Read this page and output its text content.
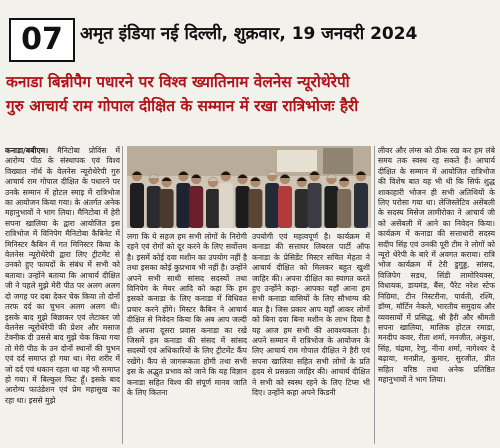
07	अमृत इंडिया नई दिल्ली, शुक्रवार, 19 जनवरी 2024
कनाडा बिन्नीपैग पधारने पर विश्व ख्यातिनाम वेलनेस न्यूरोथेरेपी
गुरु आचार्य राम गोपाल दीक्षित के सम्मान में रखा रात्रिभोजः हैरी

कनाडा/बबीएम। मैनिटोबा प्रोविंस में आरोग्य पीठ के संस्थापक एवं विश्व विख्यात नॉर्थ के वेलनेस न्यूरोथेरेपी गुरु आचार्य राम गोपाल दीक्षित के पधारने पर उनके सम्मान में होटल स्माइ में रात्रिभोज का आयोजन किया गया। के अंतर्गत अनेक महानुभावों ने भाग लिया। मैनिटोबा में हेरी सपना खालिया के द्वारा आयोजित इस रात्रिभोज में विनिपेग मैनिटोबा कैबिनेट में मिनिस्टर कैबिन में गत मिनिस्टर किया के वेलनेस न्यूरोथेरेपी द्वारा लिए ट्रीटमेंट से उनको हुए फायदों के संबंध में सभी को बताया। उन्होंने बताया कि आचार्य दीक्षित जी ने पहले मुझे मेरी पीठ पर अलग अलग दो जगह पर दबा देकर चेक किया तो दोनों तरफ दर्द का चुभन अलग अलग थी। इसके बाद मुझे बिछाकर एवं लेटाकर जो वेलनेस न्यूरोथेरेपी की प्रेशर और मसाज टेक्नीक दी उससे बाद मुझे चेक किया गया तो मेरी पीठ के उन दोनों स्थानों की चुभन एवं दर्द समाप्त हो गया था। मेरा शरीर में जो दर्द एवं थकान रहता था वह भी समाप्त हो गया। में बिल्कुल फिट हूँ। इसके बाद आरोग्य फाउंडेशन एवं प्रेम महासुख का रहा था। इससे मुझे

लगा कि ये सहज हम सभी लोगों के निरोगी रहने एवं रोगों को दूर करने के लिए सर्वोत्तम है। इसमें कोई दवा मशीन का उपयोग नहीं है तथा इसका कोई कुप्रभाव भी नहीं है। उन्होंने अपने सभी साथी सांसद सदस्यों तथा विनिपेग के मेयर आदि को कहा कि हम इसको कनाडा के लिए कनाडा में विधिवत प्रचार करने होंगे। मिस्टर कैबिन ने आचार्य दीक्षित से निवेदन किया कि अब आप जल्दी ही अपना दूसरा प्रवास कनाडा का रखे जिसमें हम कनाडा की संसद में सांसद सदस्यों एवं अधिकारियों के लिए ट्रीटमेंट कैंप रखेंगे। कैंप से जागरूकता होगी तथा सभी इस के अद्भुत प्रभाव को जाने कि यह विज्ञान कनाडा सहित विश्व की संपूर्ण मानव जाति के लिए कितना

उपयोगी एवं महत्वपूर्ण है। कार्यक्रम में कनाडा की सत्ताघर लिबरल पार्टी ऑफ कनाडा के प्रेसिडेंट मिस्टर सचित मेहता ने आचार्य दीक्षित को मिलकर बहुत खुशी जाहिर की। अपना दीक्षित का स्वागत करते हुए उन्होंने कहा- आपका यहाँ आना हम सभी कनाडा वासियों के लिए सौभाग्य की बात है। जिस प्रकार आप यहाँ आकर लोगों को बिना दवा बिना मशीन के लाभ दिया है यह आज हम सभी की आवश्यकता है। अपने सम्मान में रात्रिभोज के आयोजन के लिए आचार्य राम गोपाल दीक्षित ने हैरी एवं सपना खालिया सहित सभी लोगों के प्रति हृदय से प्रसन्नता जाहिर की। आचार्य दीक्षित ने सभी को स्वस्थ रहने के लिए टिप्स भी दिए। उन्होंने कहा अपने किडनी

लीवर और लंग्स को ठीक रख कर हम लंबे समय तक स्वस्थ रह सकते हैं। आचार्य दीक्षित के सम्मान में आयोजित रात्रिभोज की विशेष बात यह भी थी कि सिर्फ शुद्ध शाकाहारी भोजन ही सभी अतिथियों के लिए परोसा गया था। लेजिस्लेटिव असेंबली के सदस्य मिसेज लामीरोका ने आचार्य जी को असेंबली में आने का निवेदन किया। कार्यक्रम में कनाडा की सत्ताधारी सदस्य सदीप सिंह एवं उनकी पूरी टीम ने लोगों को न्यूरो थेरेपी के बारे में अवगत कराया। रात्रि भोज कार्यक्रम में टेरी डुगुड्ड, सांसद, विजिपेग सडथ, सिंडी लामोरियक्स, विधायक, डायमंड, बैंस, पैरेट नरेश स्टेफ निग्रिमा, टीन निस्टरीना, पार्वती, रश्मि, डॉग्म, मॉर्टिन नेकले, भारतीय समुदाय और व्यवसायों में प्रसिद्ध, श्री हैरी और श्रीमती सपना खालिया, मालिक होटल रमाडा, मनदीप कवर, रीता शर्मा, मनजीत, अंकुश, सिंह, चंद्रमा, रेणु, नीना शर्मा, नागेश्वर दे बढ़ाया, मनप्रीत, कुमार, सुरजीत, प्रीत सहित वरिष्ठ तथा अनेक प्रतिष्ठित महानुभावों ने भाग लिया।
